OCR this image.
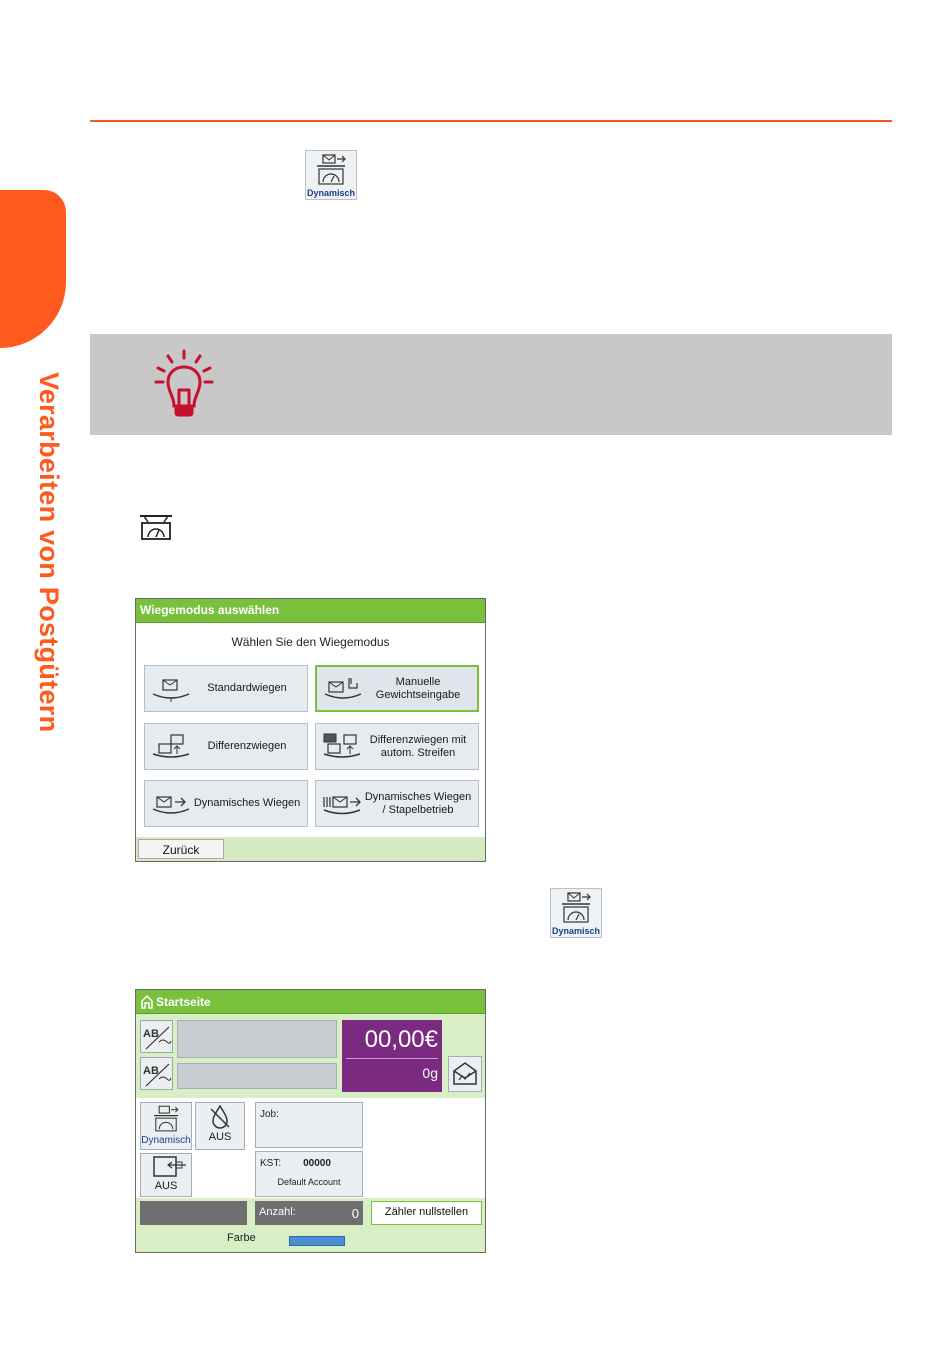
Verarbeiten von Postgütern
Dynamisch
Wiegemodus auswählen
Wählen Sie den Wiegemodus
Standardwiegen
Manuelle Gewichtseingabe
Differenzwiegen
Differenzwiegen mit autom. Streifen
Dynamisches Wiegen
Dynamisches Wiegen / Stapelbetrieb
Zurück
Dynamisch
Startseite
AB
AB
00,00€
0g
Dynamisch AUS
AUS
Job:
KST: 00000
Default Account
Anzahl:	0	Zähler nullstellen
Farbe
